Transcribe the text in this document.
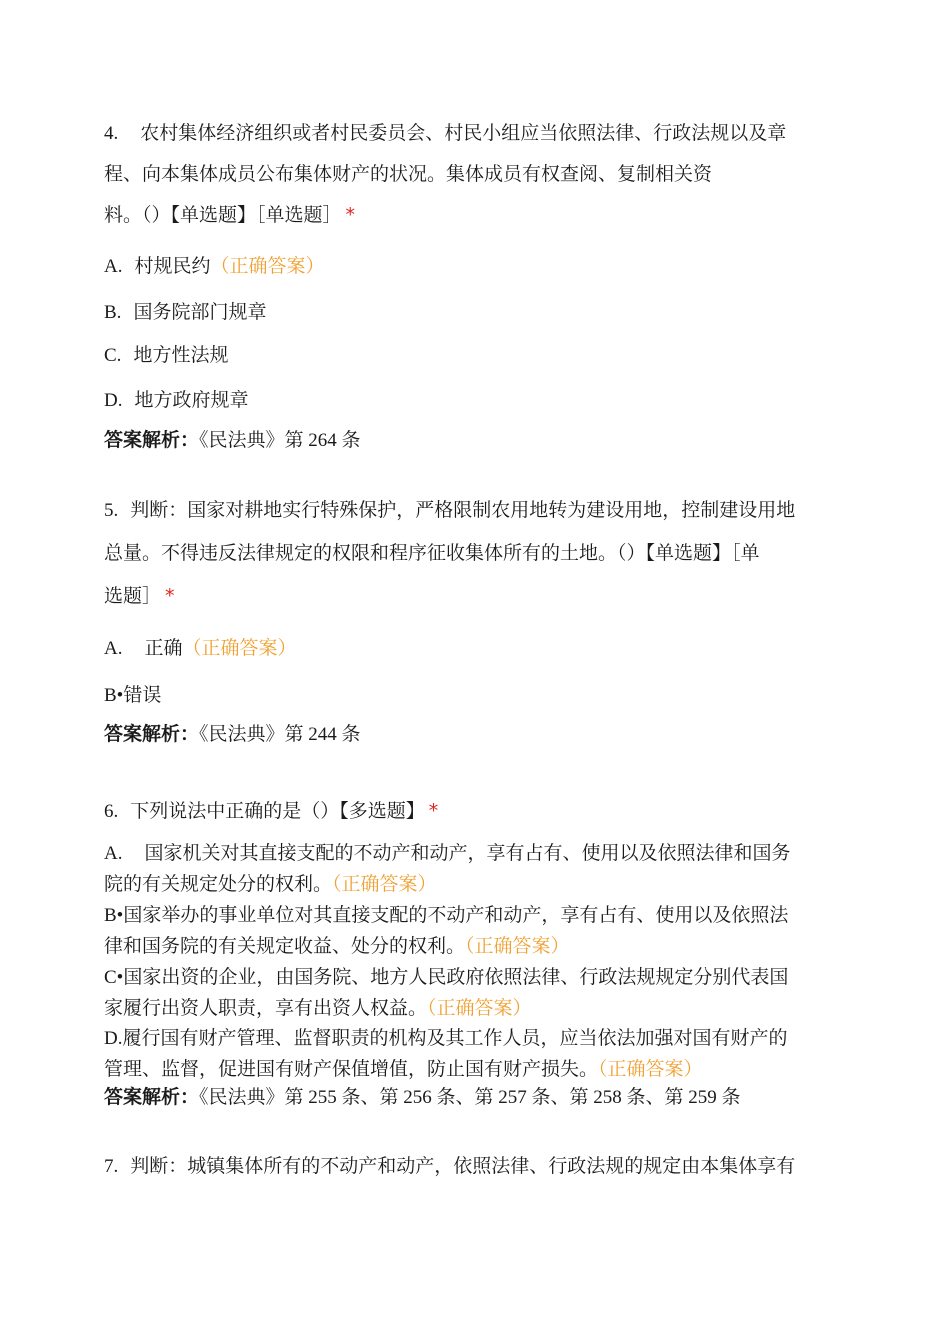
4. 农村集体经济组织或者村民委员会、村民小组应当依照法律、行政法规以及章
程、向本集体成员公布集体财产的状况。集体成员有权查阅、复制相关资
料。（）【单选题】［单选题］ *
A. 村规民约（正确答案）
B. 国务院部门规章
C. 地方性法规
D. 地方政府规章
答案解析：《民法典》第 264 条
5. 判断：国家对耕地实行特殊保护，严格限制农用地转为建设用地，控制建设用地
总量。不得违反法律规定的权限和程序征收集体所有的土地。（）【单选题】［单
选题］ *
A. 正确（正确答案）
B•错误
答案解析：《民法典》第 244 条
6. 下列说法中正确的是（）【多选题】 *
A. 国家机关对其直接支配的不动产和动产，享有占有、使用以及依照法律和国务
院的有关规定处分的权利。（正确答案）
B•国家举办的事业单位对其直接支配的不动产和动产，享有占有、使用以及依照法
律和国务院的有关规定收益、处分的权利。（正确答案）
C•国家出资的企业，由国务院、地方人民政府依照法律、行政法规规定分别代表国
家履行出资人职责，享有出资人权益。（正确答案）
D.履行国有财产管理、监督职责的机构及其工作人员，应当依法加强对国有财产的
管理、监督，促进国有财产保值增值，防止国有财产损失。（正确答案）
答案解析：《民法典》第 255 条、第 256 条、第 257 条、第 258 条、第 259 条
7. 判断：城镇集体所有的不动产和动产，依照法律、行政法规的规定由本集体享有
